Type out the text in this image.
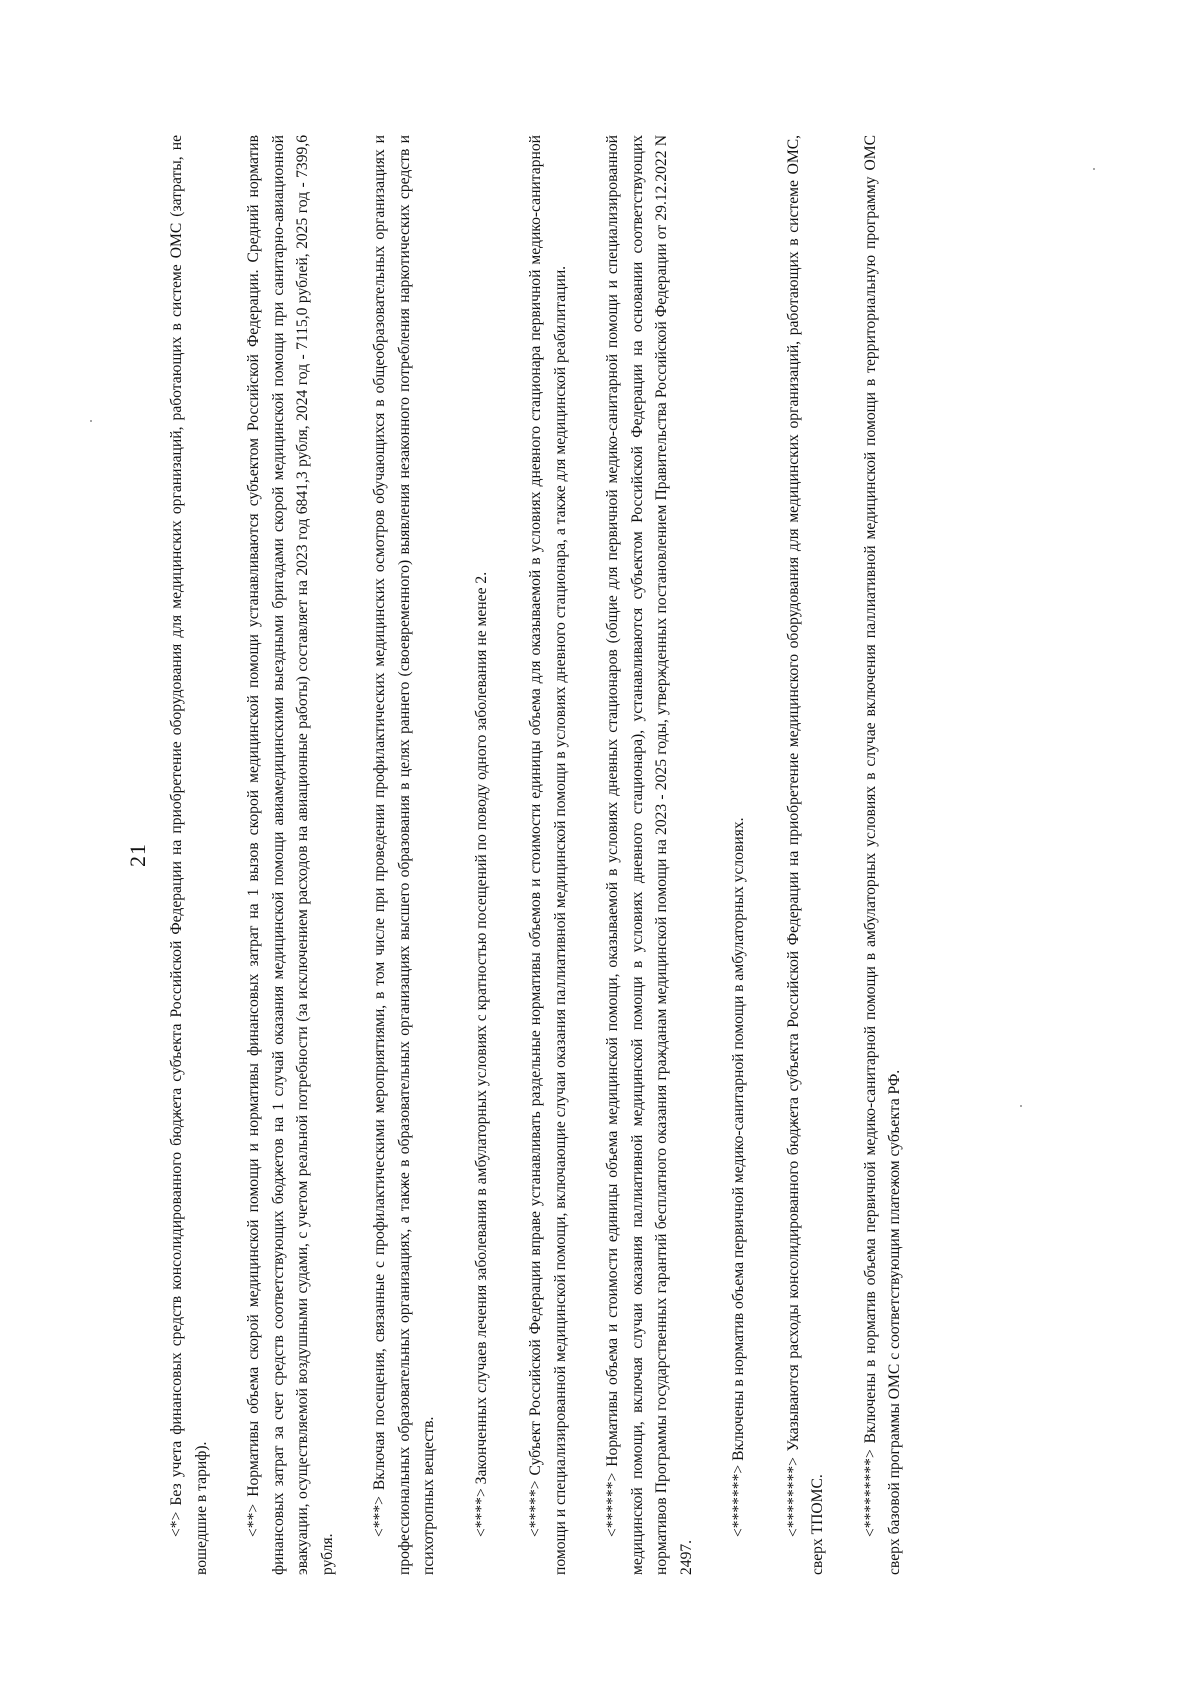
21 <*> Без учета финансовых средств консолидированного бюджета субъекта Российской Федерации на приобретение оборудования для медицинских организаций, работающих в системе ОМС (затраты, не вошедшие в тариф). <**> Нормативы объема скорой медицинской помощи и нормативы финансовых затрат на 1 вызов скорой медицинской помощи устанавливаются субъектом Российской Федерации. Средний норматив финансовых затрат за счет средств соответствующих бюджетов на 1 случай оказания медицинской помощи авиамедицинскими выездными бригадами скорой медицинской помощи при санитарно-авиационной эвакуации, осуществляемой воздушными судами, с учетом реальной потребности (за исключением расходов на авиационные работы) составляет на 2023 год 6841,3 рубля, 2024 год - 7115,0 рублей, 2025 год - 7399,6 рубля.

<***> Включая посещения, связанные с профилактическими мероприятиями, в том числе при проведении профилактических медицинских осмотров обучающихся в общеобразовательных организациях и профессиональных образовательных организациях, а также в образовательных организациях высшего образования в целях раннего (своевременного) выявления незаконного потребления наркотических средств и психотропных веществ. <****> Законченных случаев лечения заболевания в амбулаторных условиях с кратностью посещений по поводу одного заболевания не менее 2. <*****> Субъект Российской Федерации вправе устанавливать раздельные нормативы объемов и стоимости единицы объема для оказываемой в условиях дневного стационара первичной медико-санитарной помощи и специализированной медицинской помощи, включающие случаи оказания паллиативной медицинской помощи в условиях дневного стационара, а также для медицинской реабилитации. <******> Нормативы объема и стоимости единицы объема медицинской помощи, оказываемой в условиях дневных стационаров (общие для первичной медико-санитарной помощи и специализированной медицинской помощи, включая случаи оказания паллиативной медицинской помощи в условиях дневного стационара), устанавливаются субъектом Российской Федерации на основании соответствующих нормативов Программы государственных гарантий бесплатного оказания гражданам медицинской помощи на 2023 - 2025 годы, утвержденных постановлением Правительства Российской Федерации от 29.12.2022 N 2497.

<*******> Включены в норматив объема первичной медико-санитарной помощи в амбулаторных условиях. <********> Указываются расходы консолидированного бюджета субъекта Российской Федерации на приобретение медицинского оборудования для медицинских организаций, работающих в системе ОМС, сверх ТПОМС. <*********> Включены в норматив объема первичной медико-санитарной помощи в амбулаторных условиях в случае включения паллиативной медицинской помощи в территориальную программу ОМС сверх базовой программы ОМС с соответствующим платежом субъекта РФ.
